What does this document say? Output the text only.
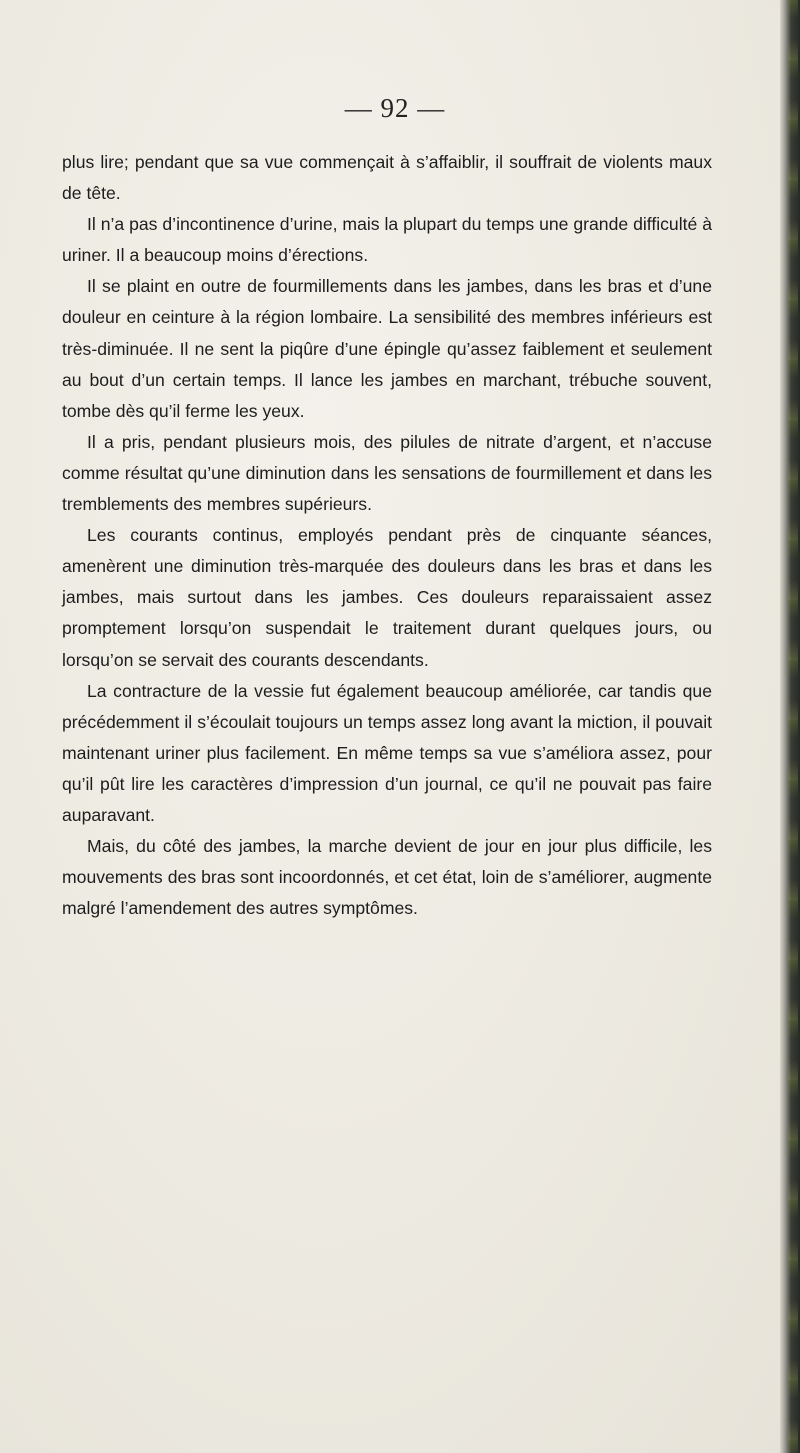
— 92 —

plus lire; pendant que sa vue commençait à s’affaiblir, il souffrait de violents maux de tête.

Il n’a pas d’incontinence d’urine, mais la plupart du temps une grande difficulté à uriner. Il a beaucoup moins d’érections.

Il se plaint en outre de fourmillements dans les jambes, dans les bras et d’une douleur en ceinture à la région lombaire. La sensibilité des membres inférieurs est très-diminuée. Il ne sent la piqûre d’une épingle qu’assez faiblement et seulement au bout d’un certain temps. Il lance les jambes en marchant, trébuche souvent, tombe dès qu’il ferme les yeux.

Il a pris, pendant plusieurs mois, des pilules de nitrate d’argent, et n’accuse comme résultat qu’une diminution dans les sensations de fourmillement et dans les tremblements des membres supérieurs.

Les courants continus, employés pendant près de cinquante séances, amenèrent une diminution très-marquée des douleurs dans les bras et dans les jambes, mais surtout dans les jambes. Ces douleurs reparaissaient assez promptement lorsqu’on suspendait le traitement durant quelques jours, ou lorsqu’on se servait des courants descendants.

La contracture de la vessie fut également beaucoup améliorée, car tandis que précédemment il s’écoulait toujours un temps assez long avant la miction, il pouvait maintenant uriner plus facilement. En même temps sa vue s’améliora assez, pour qu’il pût lire les caractères d’impression d’un journal, ce qu’il ne pouvait pas faire auparavant.

Mais, du côté des jambes, la marche devient de jour en jour plus difficile, les mouvements des bras sont incoordonnés, et cet état, loin de s’améliorer, augmente malgré l’amendement des autres symptômes.
